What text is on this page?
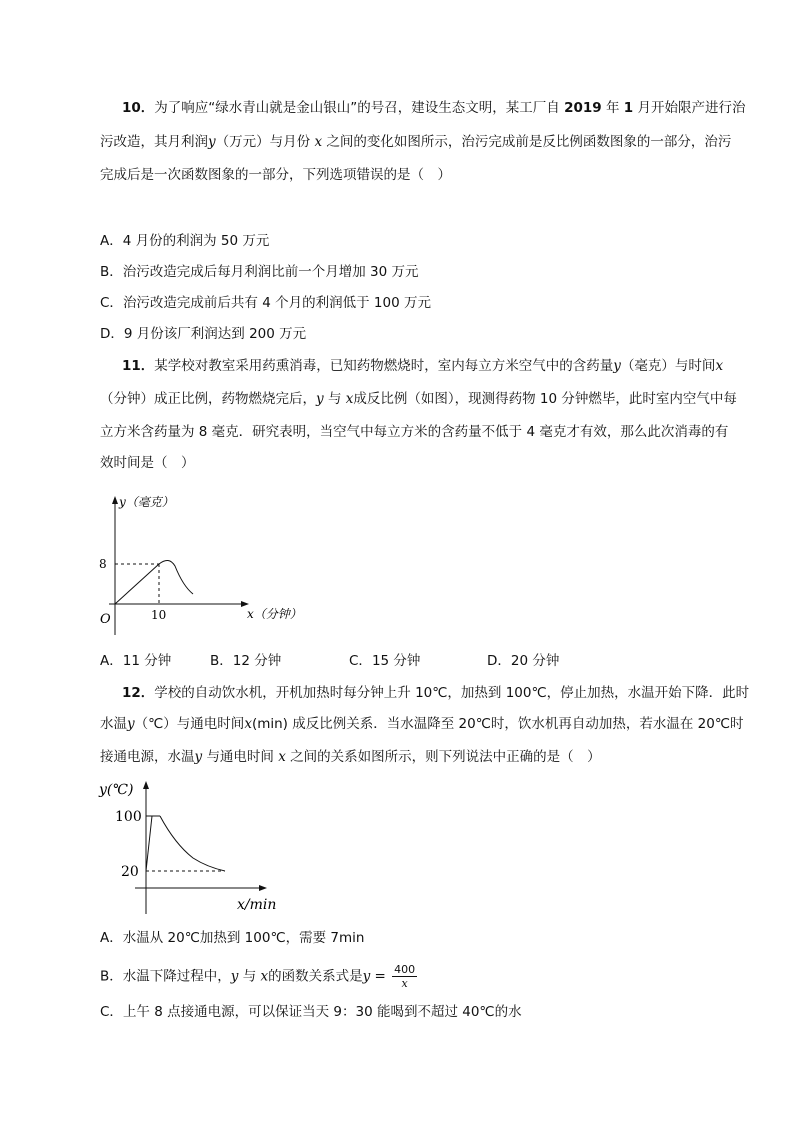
10．为了响应“绿水青山就是金山银山”的号召，建设生态文明，某工厂自 2019 年 1 月开始限产进行治
污改造，其月利润y（万元）与月份 x 之间的变化如图所示，治污完成前是反比例函数图象的一部分，治污
完成后是一次函数图象的一部分，下列选项错误的是（　）
A．4 月份的利润为 50 万元
B．治污改造完成后每月利润比前一个月增加 30 万元
C．治污改造完成前后共有 4 个月的利润低于 100 万元
D．9 月份该厂利润达到 200 万元
11．某学校对教室采用药熏消毒，已知药物燃烧时，室内每立方米空气中的含药量y（毫克）与时间x
（分钟）成正比例，药物燃烧完后，y 与 x成反比例（如图），现测得药物 10 分钟燃毕，此时室内空气中每
立方米含药量为 8 毫克．研究表明，当空气中每立方米的含药量不低于 4 毫克才有效，那么此次消毒的有
效时间是（　）
y（毫克）
x（分钟）
8
10
O
A．11 分钟	B．12 分钟	C．15 分钟	D．20 分钟
12．学校的自动饮水机，开机加热时每分钟上升 10℃，加热到 100℃，停止加热，水温开始下降．此时
水温y（℃）与通电时间x(min) 成反比例关系．当水温降至 20℃时，饮水机再自动加热，若水温在 20℃时
接通电源，水温y 与通电时间 x 之间的关系如图所示，则下列说法中正确的是（　）
y(℃)
x/min
100
20
A．水温从 20℃加热到 100℃，需要 7min
B．水温下降过程中，y 与 x的函数关系式是$y = \frac{400}{x}$
C．上午 8 点接通电源，可以保证当天 9：30 能喝到不超过 40℃的水
